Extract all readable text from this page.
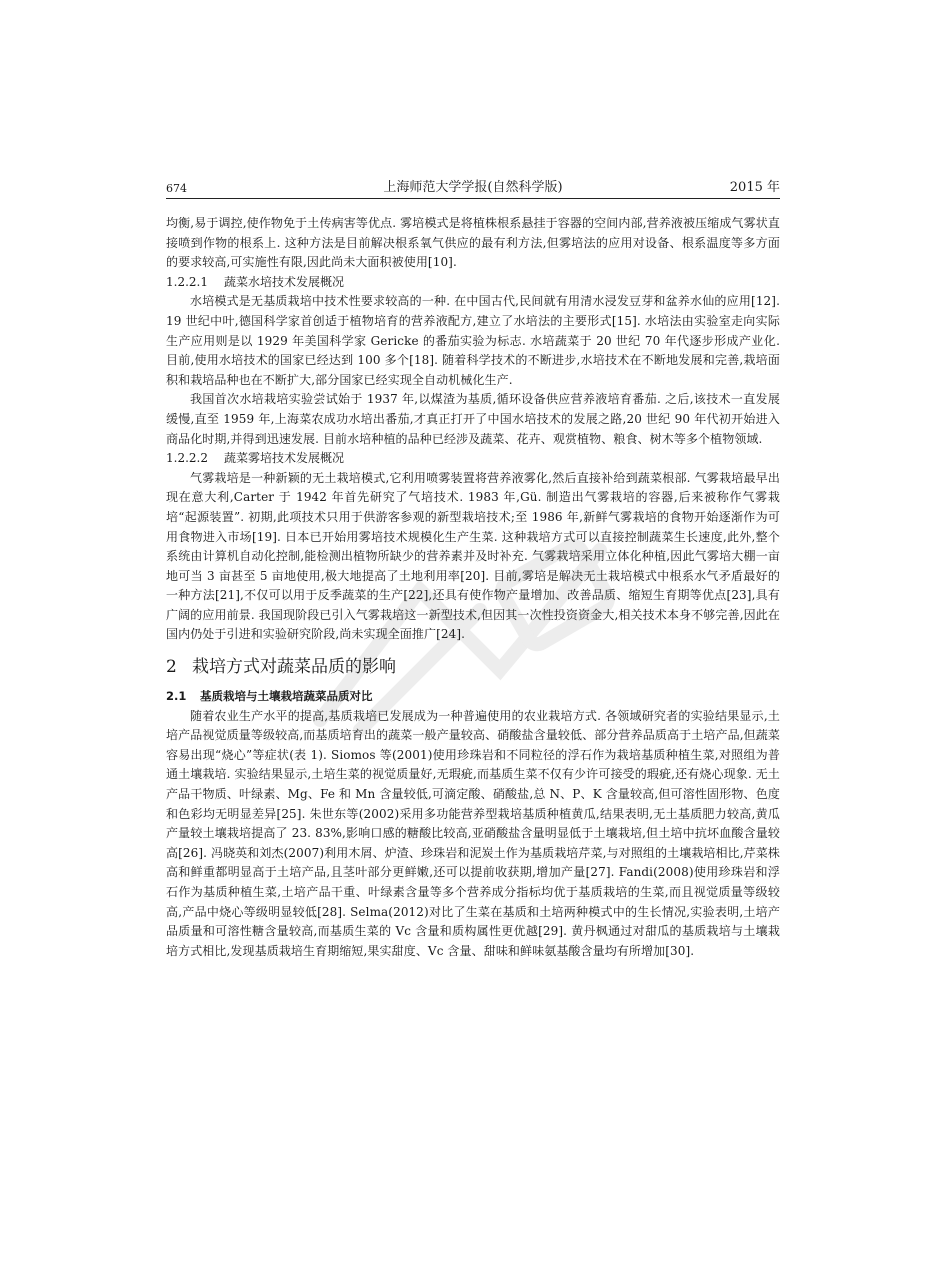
674	上海师范大学学报(自然科学版)	2015 年

均衡,易于调控,使作物免于土传病害等优点. 雾培模式是将植株根系悬挂于容器的空间内部,营养液被压缩成气雾状直接喷到作物的根系上. 这种方法是目前解决根系氧气供应的最有利方法,但雾培法的应用对设备、根系温度等多方面的要求较高,可实施性有限,因此尚未大面积被使用[10].

1.2.2.1 蔬菜水培技术发展概况

水培模式是无基质栽培中技术性要求较高的一种. 在中国古代,民间就有用清水浸发豆芽和盆养水仙的应用[12]. 19 世纪中叶,德国科学家首创适于植物培育的营养液配方,建立了水培法的主要形式[15]. 水培法由实验室走向实际生产应用则是以 1929 年美国科学家 Gericke 的番茄实验为标志. 水培蔬菜于 20 世纪 70 年代逐步形成产业化. 目前,使用水培技术的国家已经达到 100 多个[18]. 随着科学技术的不断进步,水培技术在不断地发展和完善,栽培面积和栽培品种也在不断扩大,部分国家已经实现全自动机械化生产.

我国首次水培栽培实验尝试始于 1937 年,以煤渣为基质,循环设备供应营养液培育番茄. 之后,该技术一直发展缓慢,直至 1959 年,上海菜农成功水培出番茄,才真正打开了中国水培技术的发展之路,20 世纪 90 年代初开始进入商品化时期,并得到迅速发展. 目前水培种植的品种已经涉及蔬菜、花卉、观赏植物、粮食、树木等多个植物领域.

1.2.2.2 蔬菜雾培技术发展概况

气雾栽培是一种新颖的无土栽培模式,它利用喷雾装置将营养液雾化,然后直接补给到蔬菜根部. 气雾栽培最早出现在意大利,Carter 于 1942 年首先研究了气培技术. 1983 年,Gü. 制造出气雾栽培的容器,后来被称作气雾栽培“起源装置”. 初期,此项技术只用于供游客参观的新型栽培技术;至 1986 年,新鲜气雾栽培的食物开始逐渐作为可用食物进入市场[19]. 日本已开始用雾培技术规模化生产生菜. 这种栽培方式可以直接控制蔬菜生长速度,此外,整个系统由计算机自动化控制,能检测出植物所缺少的营养素并及时补充. 气雾栽培采用立体化种植,因此气雾培大棚一亩地可当 3 亩甚至 5 亩地使用,极大地提高了土地利用率[20]. 目前,雾培是解决无土栽培模式中根系水气矛盾最好的一种方法[21],不仅可以用于反季蔬菜的生产[22],还具有使作物产量增加、改善品质、缩短生育期等优点[23],具有广阔的应用前景. 我国现阶段已引入气雾栽培这一新型技术,但因其一次性投资资金大,相关技术本身不够完善,因此在国内仍处于引进和实验研究阶段,尚未实现全面推广[24].

2 栽培方式对蔬菜品质的影响
2.1 基质栽培与土壤栽培蔬菜品质对比

随着农业生产水平的提高,基质栽培已发展成为一种普遍使用的农业栽培方式. 各领域研究者的实验结果显示,土培产品视觉质量等级较高,而基质培育出的蔬菜一般产量较高、硝酸盐含量较低、部分营养品质高于土培产品,但蔬菜容易出现“烧心”等症状(表 1). Siomos 等(2001)使用珍珠岩和不同粒径的浮石作为栽培基质种植生菜,对照组为普通土壤栽培. 实验结果显示,土培生菜的视觉质量好,无瑕疵,而基质生菜不仅有少许可接受的瑕疵,还有烧心现象. 无土产品干物质、叶绿素、Mg、Fe 和 Mn 含量较低,可滴定酸、硝酸盐,总 N、P、K 含量较高,但可溶性固形物、色度和色彩均无明显差异[25]. 朱世东等(2002)采用多功能营养型栽培基质种植黄瓜,结果表明,无土基质肥力较高,黄瓜产量较土壤栽培提高了 23. 83%,影响口感的糖酸比较高,亚硝酸盐含量明显低于土壤栽培,但土培中抗坏血酸含量较高[26]. 冯晓英和刘杰(2007)利用木屑、炉渣、珍珠岩和泥炭土作为基质栽培芹菜,与对照组的土壤栽培相比,芹菜株高和鲜重都明显高于土培产品,且茎叶部分更鲜嫩,还可以提前收获期,增加产量[27]. Fandi(2008)使用珍珠岩和浮石作为基质种植生菜,土培产品干重、叶绿素含量等多个营养成分指标均优于基质栽培的生菜,而且视觉质量等级较高,产品中烧心等级明显较低[28]. Selma(2012)对比了生菜在基质和土培两种模式中的生长情况,实验表明,土培产品质量和可溶性糖含量较高,而基质生菜的 Vc 含量和质构属性更优越[29]. 黄丹枫通过对甜瓜的基质栽培与土壤栽培方式相比,发现基质栽培生育期缩短,果实甜度、Vc 含量、甜味和鲜味氨基酸含量均有所增加[30].
